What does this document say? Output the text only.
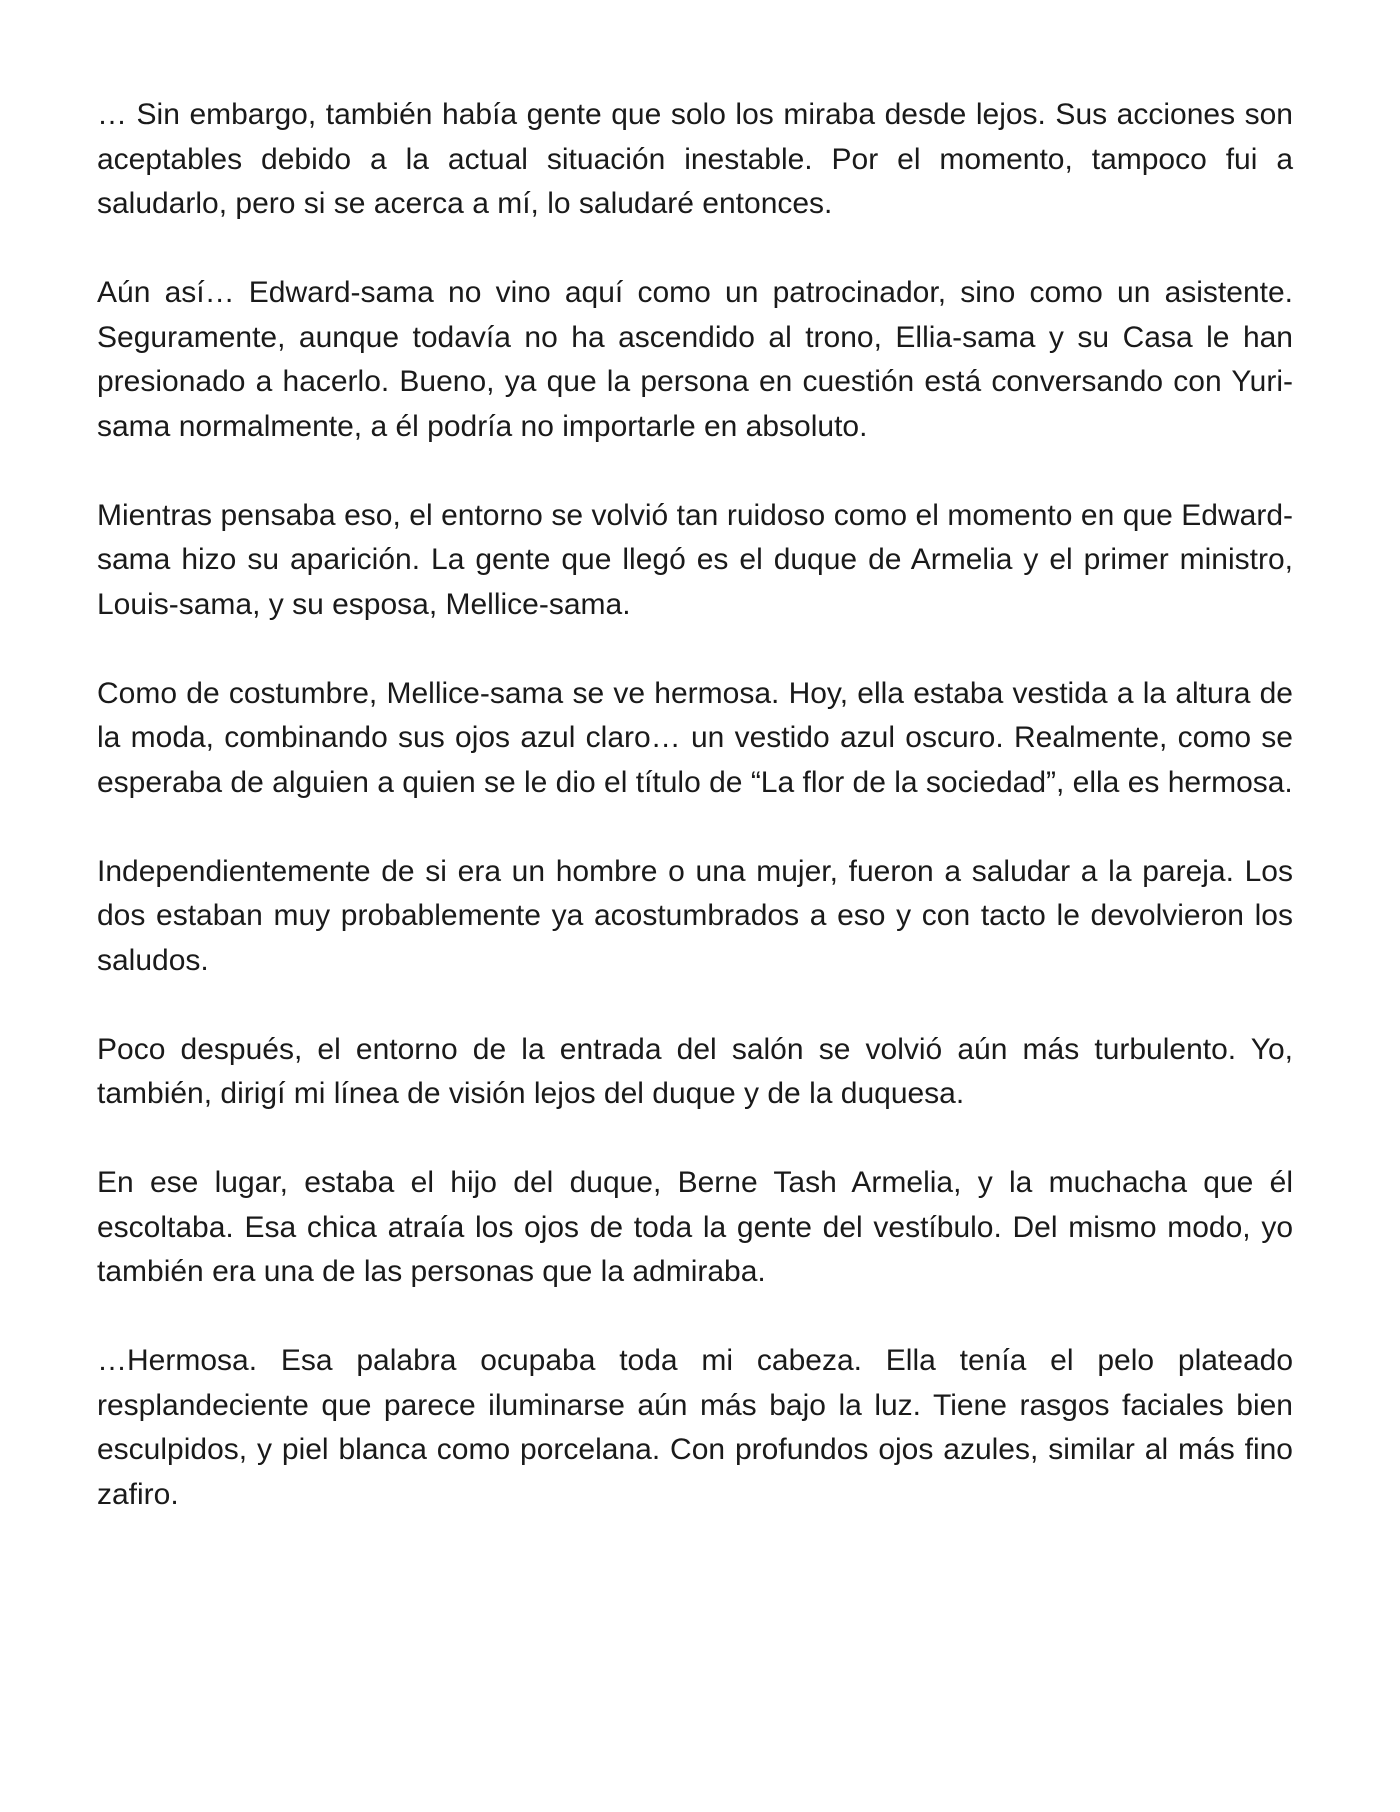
… Sin embargo, también había gente que solo los miraba desde lejos. Sus acciones son aceptables debido a la actual situación inestable. Por el momento, tampoco fui a saludarlo, pero si se acerca a mí, lo saludaré entonces.

Aún así… Edward-sama no vino aquí como un patrocinador, sino como un asistente. Seguramente, aunque todavía no ha ascendido al trono, Ellia-sama y su Casa le han presionado a hacerlo. Bueno, ya que la persona en cuestión está conversando con Yuri-sama normalmente, a él podría no importarle en absoluto.

Mientras pensaba eso, el entorno se volvió tan ruidoso como el momento en que Edward-sama hizo su aparición. La gente que llegó es el duque de Armelia y el primer ministro, Louis-sama, y su esposa, Mellice-sama.

Como de costumbre, Mellice-sama se ve hermosa. Hoy, ella estaba vestida a la altura de la moda, combinando sus ojos azul claro… un vestido azul oscuro. Realmente, como se esperaba de alguien a quien se le dio el título de “La flor de la sociedad”, ella es hermosa.

Independientemente de si era un hombre o una mujer, fueron a saludar a la pareja. Los dos estaban muy probablemente ya acostumbrados a eso y con tacto le devolvieron los saludos.

Poco después, el entorno de la entrada del salón se volvió aún más turbulento. Yo, también, dirigí mi línea de visión lejos del duque y de la duquesa.

En ese lugar, estaba el hijo del duque, Berne Tash Armelia, y la muchacha que él escoltaba. Esa chica atraía los ojos de toda la gente del vestíbulo. Del mismo modo, yo también era una de las personas que la admiraba.

…Hermosa. Esa palabra ocupaba toda mi cabeza. Ella tenía el pelo plateado resplandeciente que parece iluminarse aún más bajo la luz. Tiene rasgos faciales bien esculpidos, y piel blanca como porcelana. Con profundos ojos azules, similar al más fino zafiro.
